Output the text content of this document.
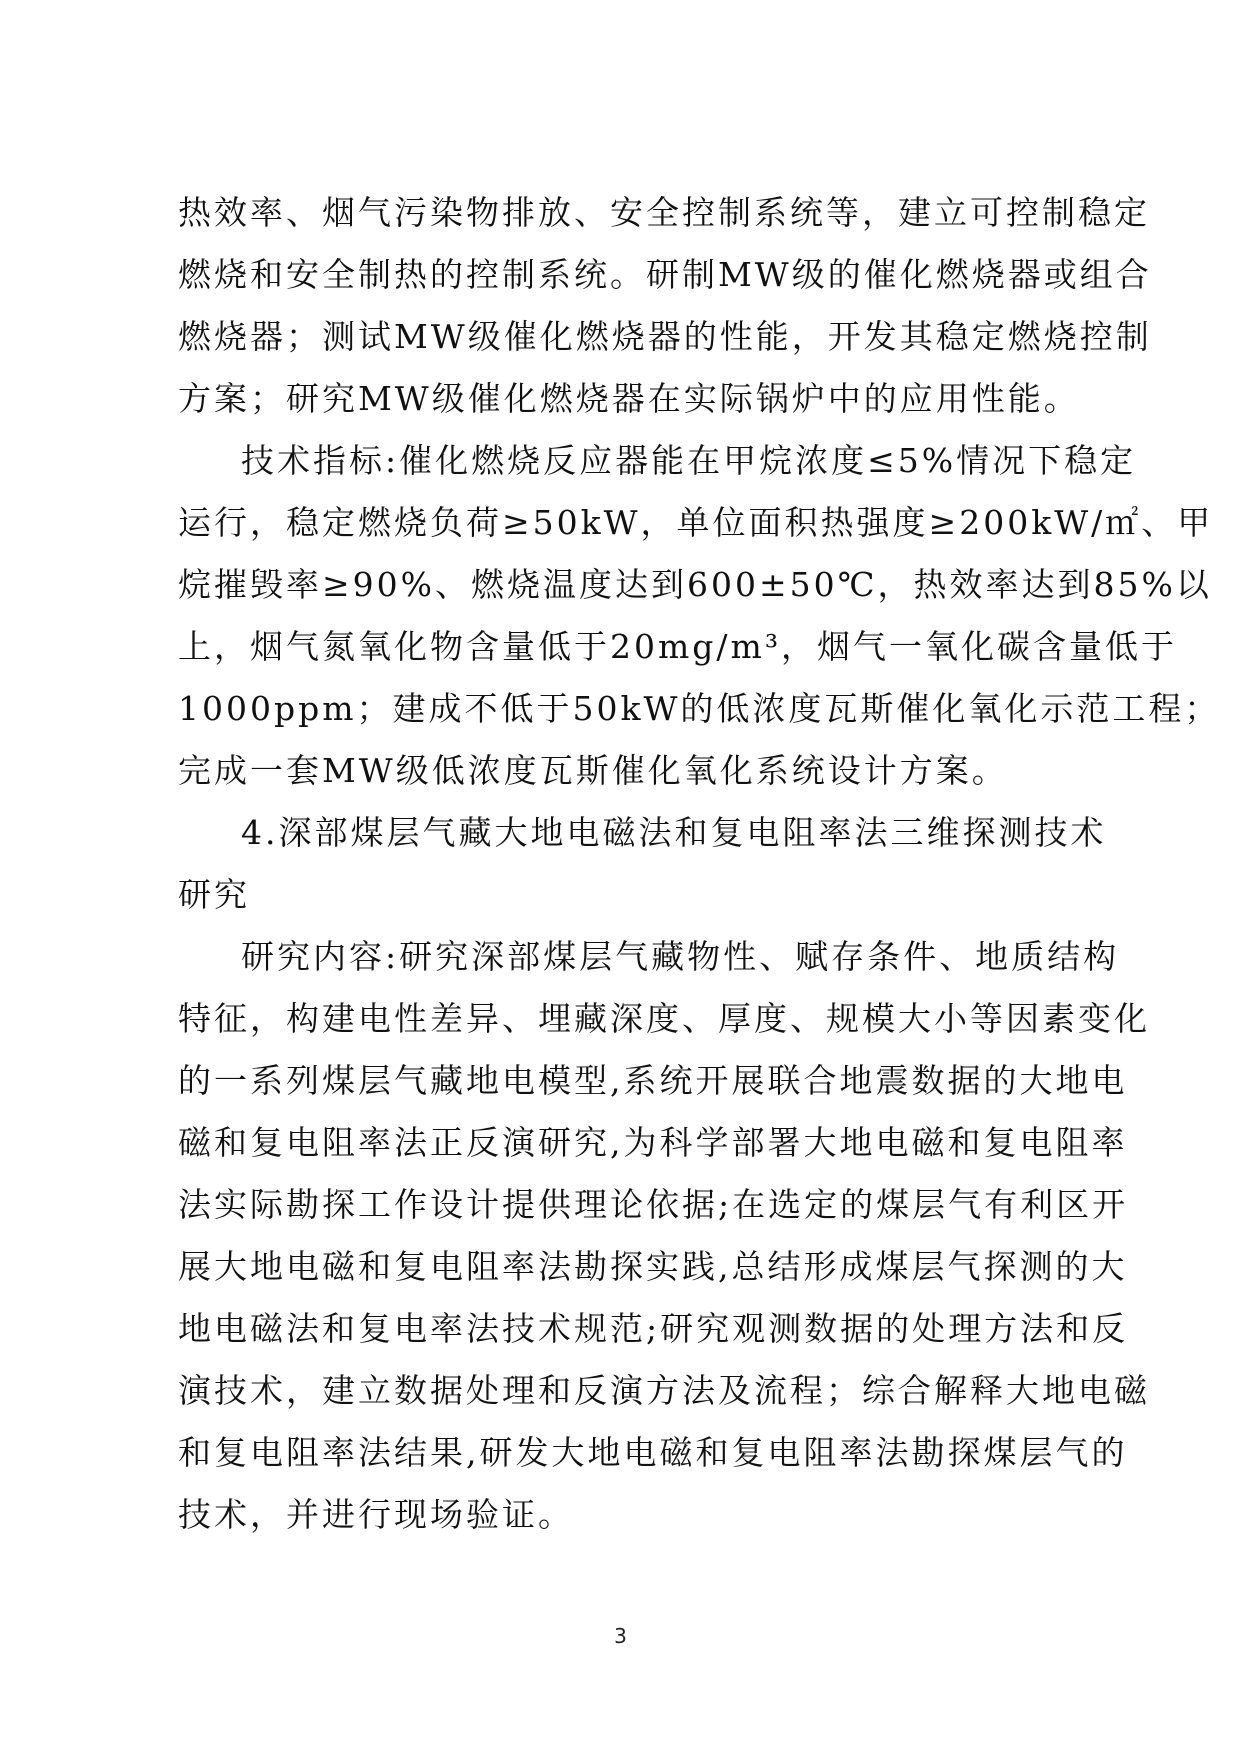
热效率、烟气污染物排放、安全控制系统等，建立可控制稳定
燃烧和安全制热的控制系统。研制MW级的催化燃烧器或组合
燃烧器；测试MW级催化燃烧器的性能，开发其稳定燃烧控制
方案；研究MW级催化燃烧器在实际锅炉中的应用性能。
技术指标:催化燃烧反应器能在甲烷浓度≤5%情况下稳定
运行，稳定燃烧负荷≥50kW，单位面积热强度≥200kW/㎡、甲
烷摧毁率≥90%、燃烧温度达到600±50℃，热效率达到85%以
上，烟气氮氧化物含量低于20mg/m³，烟气一氧化碳含量低于
1000ppm；建成不低于50kW的低浓度瓦斯催化氧化示范工程；
完成一套MW级低浓度瓦斯催化氧化系统设计方案。
4.深部煤层气藏大地电磁法和复电阻率法三维探测技术
研究
研究内容:研究深部煤层气藏物性、赋存条件、地质结构
特征，构建电性差异、埋藏深度、厚度、规模大小等因素变化
的一系列煤层气藏地电模型,系统开展联合地震数据的大地电
磁和复电阻率法正反演研究,为科学部署大地电磁和复电阻率
法实际勘探工作设计提供理论依据;在选定的煤层气有利区开
展大地电磁和复电阻率法勘探实践,总结形成煤层气探测的大
地电磁法和复电率法技术规范;研究观测数据的处理方法和反
演技术，建立数据处理和反演方法及流程；综合解释大地电磁
和复电阻率法结果,研发大地电磁和复电阻率法勘探煤层气的
技术，并进行现场验证。
3
